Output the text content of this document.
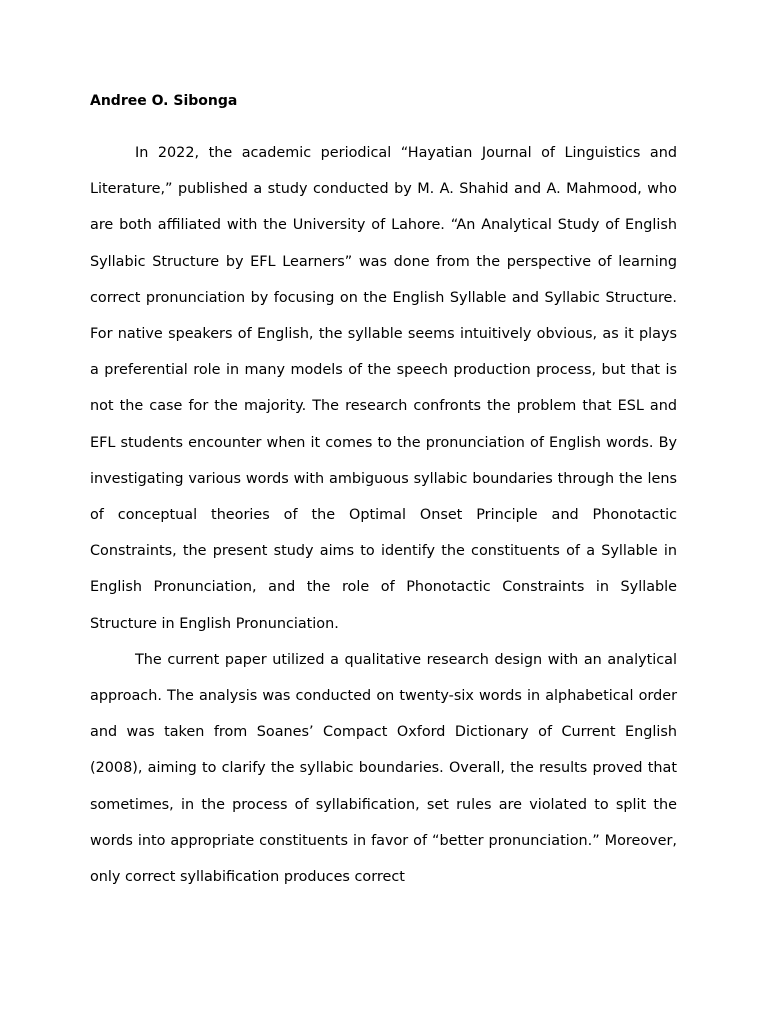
Andree O. Sibonga

In 2022, the academic periodical “Hayatian Journal of Linguistics and Literature,” published a study conducted by M. A. Shahid and A. Mahmood, who are both affiliated with the University of Lahore. “An Analytical Study of English Syllabic Structure by EFL Learners” was done from the perspective of learning correct pronunciation by focusing on the English Syllable and Syllabic Structure. For native speakers of English, the syllable seems intuitively obvious, as it plays a preferential role in many models of the speech production process, but that is not the case for the majority. The research confronts the problem that ESL and EFL students encounter when it comes to the pronunciation of English words. By investigating various words with ambiguous syllabic boundaries through the lens of conceptual theories of the Optimal Onset Principle and Phonotactic Constraints, the present study aims to identify the constituents of a Syllable in English Pronunciation, and the role of Phonotactic Constraints in Syllable Structure in English Pronunciation.

The current paper utilized a qualitative research design with an analytical approach. The analysis was conducted on twenty-six words in alphabetical order and was taken from Soanes’ Compact Oxford Dictionary of Current English (2008), aiming to clarify the syllabic boundaries. Overall, the results proved that sometimes, in the process of syllabification, set rules are violated to split the words into appropriate constituents in favor of “better pronunciation.” Moreover, only correct syllabification produces correct
